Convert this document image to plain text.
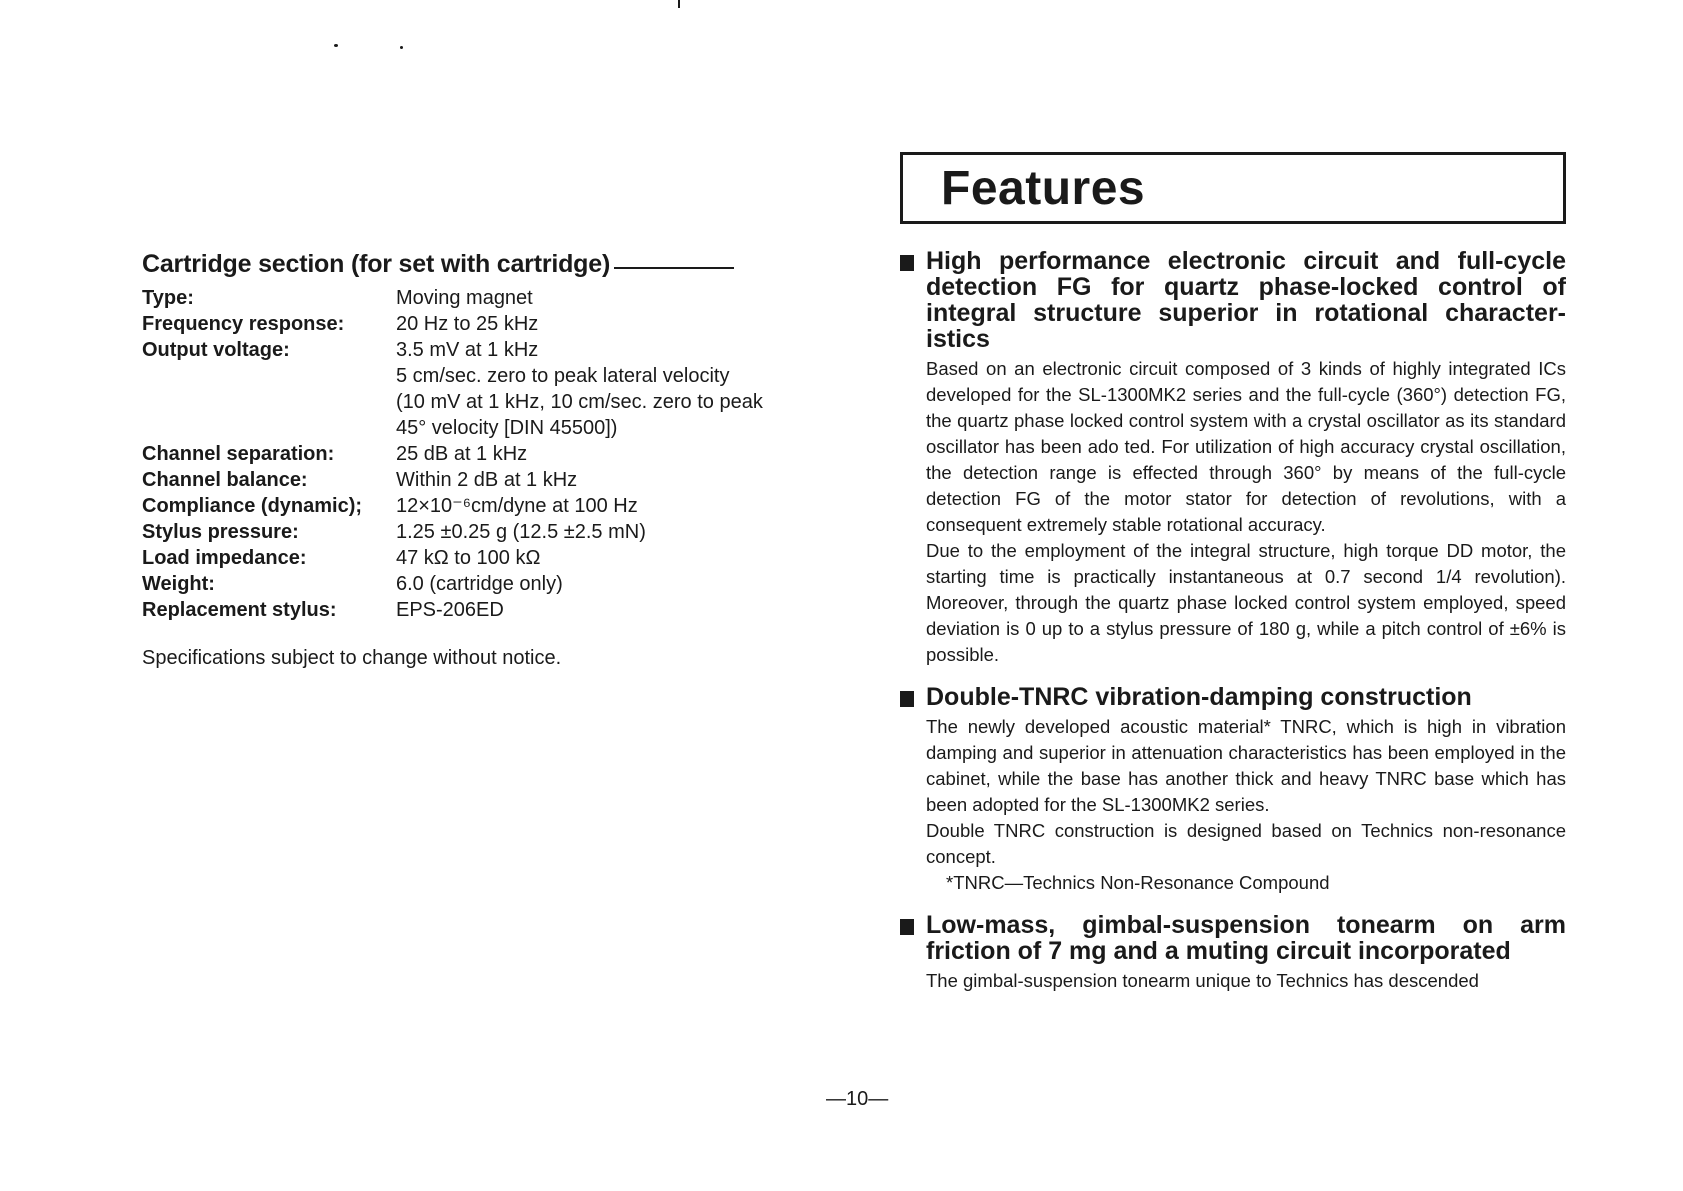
Cartridge section (for set with cartridge)
Type:	Moving magnet
Frequency response:	20 Hz to 25 kHz
Output voltage:	3.5 mV at 1 kHz
5 cm/sec. zero to peak lateral velocity
(10 mV at 1 kHz, 10 cm/sec. zero to peak
45° velocity [DIN 45500])
Channel separation:	25 dB at 1 kHz
Channel balance:	Within 2 dB at 1 kHz
Compliance (dynamic);	12×10⁻⁶cm/dyne at 100 Hz
Stylus pressure:	1.25 ±0.25 g (12.5 ±2.5 mN)
Load impedance:	47 kΩ to 100 kΩ
Weight:	6.0 (cartridge only)
Replacement stylus:	EPS-206ED
Specifications subject to change without notice.
Features
High performance electronic circuit and full-cycle detection FG for quartz phase-locked control of integral structure superior in rotational character-istics
Based on an electronic circuit composed of 3 kinds of highly integrated ICs developed for the SL-1300MK2 series and the full-cycle (360°) detection FG, the quartz phase locked control system with a crystal oscillator as its standard oscillator has been ado ted. For utilization of high accuracy crystal oscillation, the detection range is effected through 360° by means of the full-cycle detection FG of the motor stator for detection of revolutions, with a consequent extremely stable rotational accuracy.
Due to the employment of the integral structure, high torque DD motor, the starting time is practically instantaneous at 0.7 second 1/4 revolution). Moreover, through the quartz phase locked control system employed, speed deviation is 0 up to a stylus pressure of 180 g, while a pitch control of ±6% is possible.
Double-TNRC vibration-damping construction
The newly developed acoustic material* TNRC, which is high in vibration damping and superior in attenuation characteristics has been employed in the cabinet, while the base has another thick and heavy TNRC base which has been adopted for the SL-1300MK2 series.
Double TNRC construction is designed based on Technics non-resonance concept.
*TNRC—Technics Non-Resonance Compound
Low-mass, gimbal-suspension tonearm on arm friction of 7 mg and a muting circuit incorporated
The gimbal-suspension tonearm unique to Technics has descended
—10—
